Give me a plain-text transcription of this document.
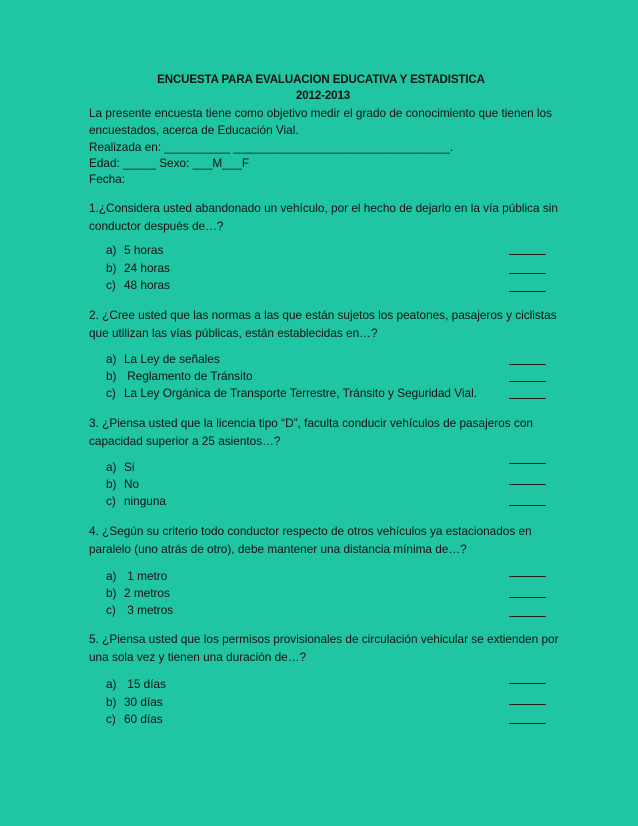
ENCUESTA PARA EVALUACION EDUCATIVA Y ESTADISTICA
2012-2013
La presente encuesta tiene como objetivo medir el grado de conocimiento que tienen los
encuestados, acerca de Educación Vial.
Realizada en: __________ _________________________________.
Edad: _____ Sexo: ___M___F
Fecha:
1.¿Considera usted abandonado un vehículo, por el hecho de dejarlo en la vía pública sin
conductor después de…?
a) 5 horas
b) 24 horas
c) 48 horas
2. ¿Cree usted que las normas a las que están sujetos los peatones, pasajeros y ciclistas
que utilizan las vías públicas, están establecidas en…?
a) La Ley de señales
b) Reglamento de Tránsito
c) La Ley Orgánica de Transporte Terrestre, Tránsito y Seguridad Vial.
3. ¿Piensa usted que la licencia tipo “D”, faculta conducir vehículos de pasajeros con
capacidad superior a 25 asientos…?
a) Si
b) No
c) ninguna
4. ¿Según su criterio todo conductor respecto de otros vehículos ya estacionados en
paralelo (uno atrás de otro), debe mantener una distancia mínima de…?
a) 1 metro
b) 2 metros
c) 3 metros
5. ¿Piensa usted que los permisos provisionales de circulación vehicular se extienden por
una sola vez y tienen una duración de…?
a) 15 días
b) 30 días
c) 60 días
